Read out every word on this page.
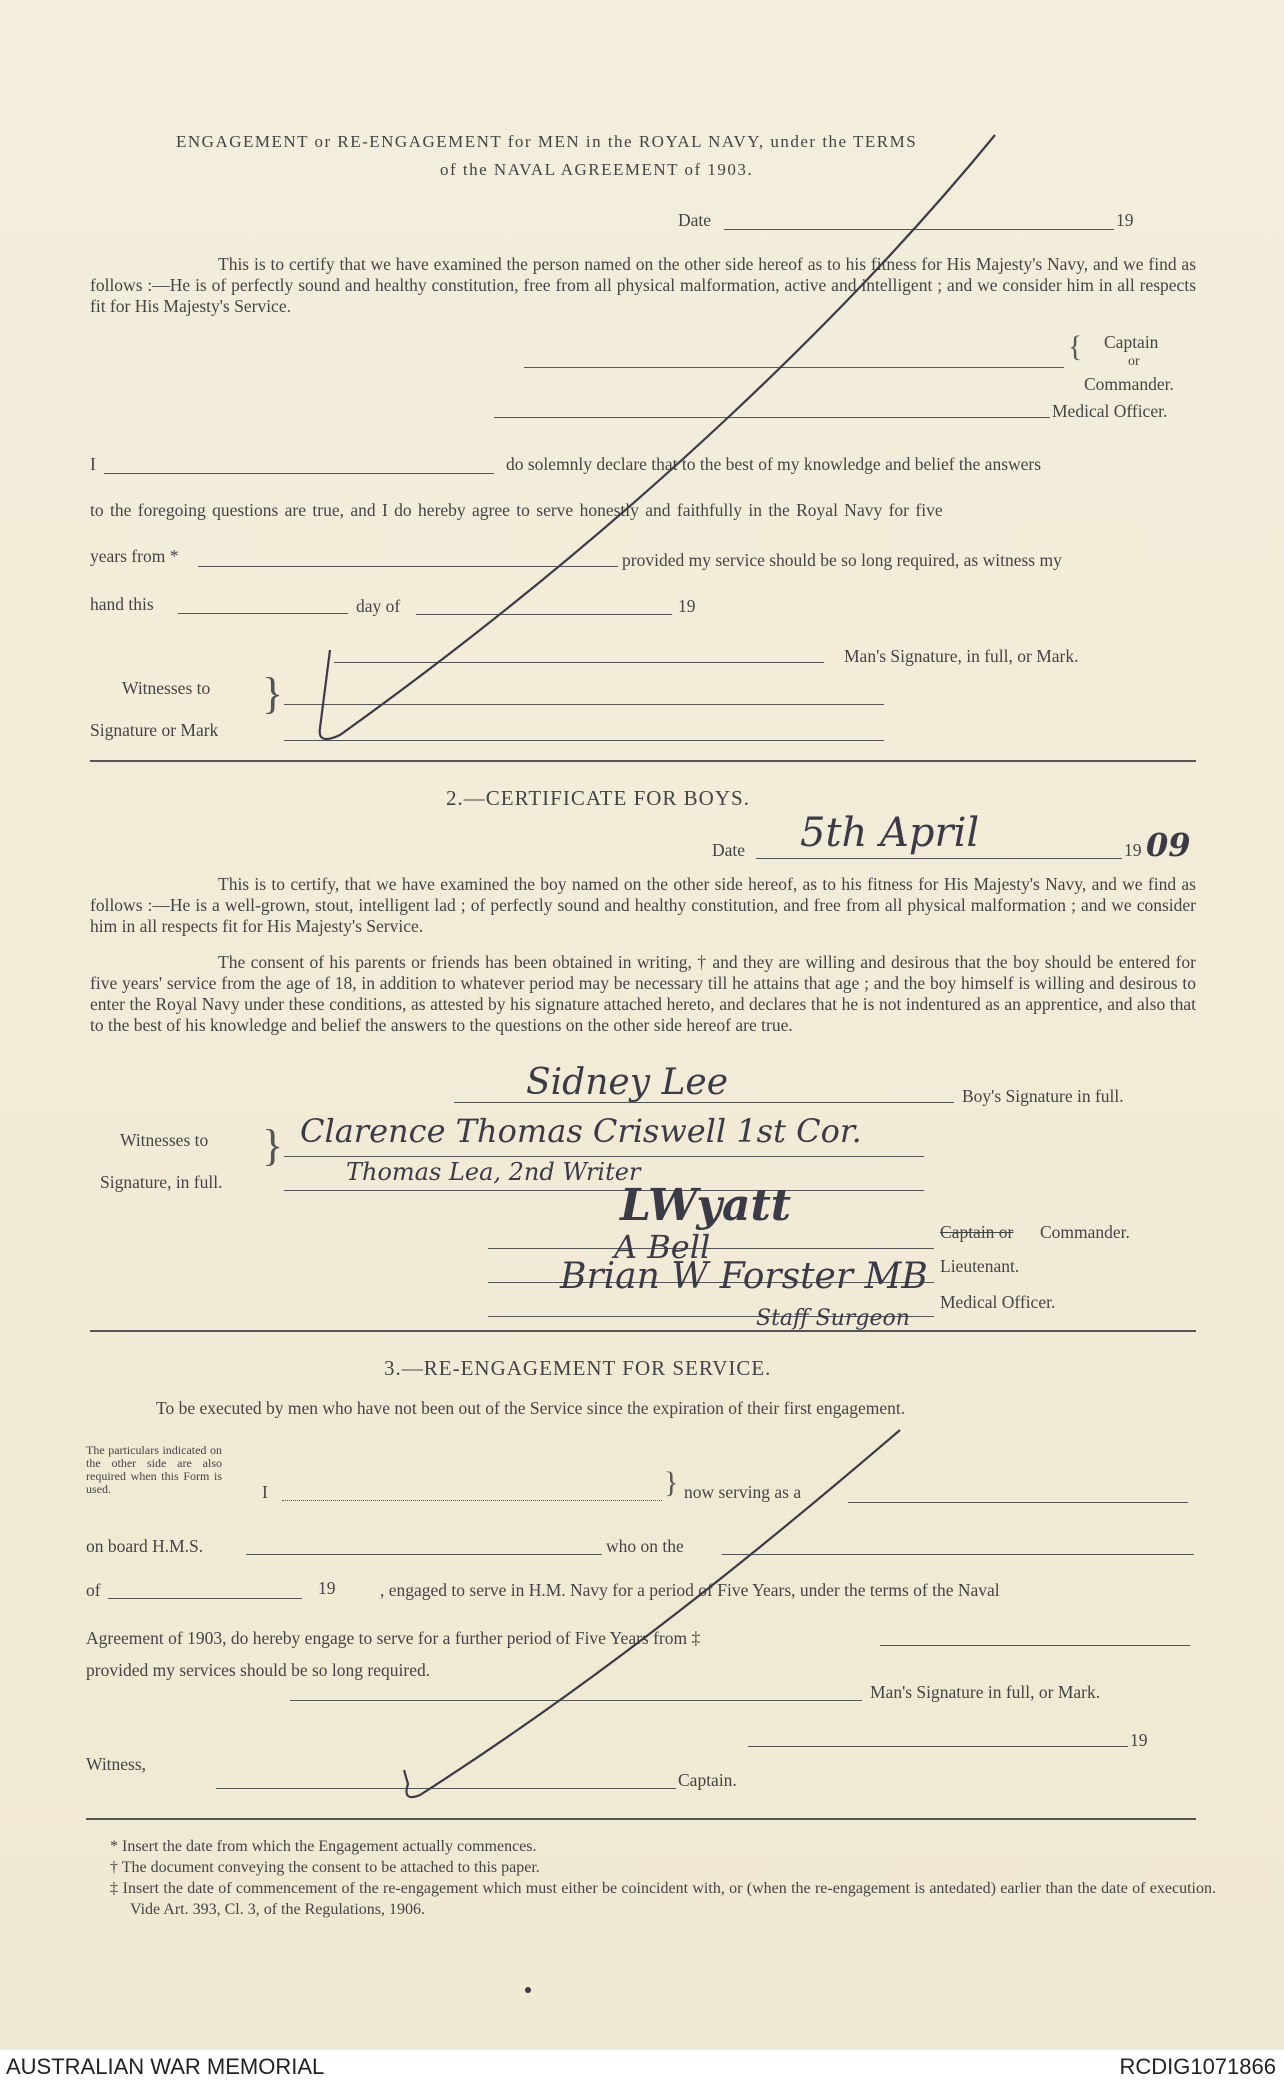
ENGAGEMENT or RE-ENGAGEMENT for MEN in the ROYAL NAVY, under the TERMS
of the NAVAL AGREEMENT of 1903.
Date	19
This is to certify that we have examined the person named on the other side hereof as to his fitness for His Majesty's Navy, and we find as follows :—He is of perfectly sound and healthy constitution, free from all physical malformation, active and intelligent ; and we consider him in all respects fit for His Majesty's Service.
{ Captain
or
Commander.
Medical Officer.
I	do solemnly declare that to the best of my knowledge and belief the answers
to the foregoing questions are true, and I do hereby agree to serve honestly and faithfully in the Royal Navy for five
years from *	provided my service should be so long required, as witness my
hand this	day of	19
Man's Signature, in full, or Mark.
Witnesses to }
Signature or Mark
2.—CERTIFICATE FOR BOYS.
Date 5th April	19 09
This is to certify, that we have examined the boy named on the other side hereof, as to his fitness for His Majesty's Navy, and we find as follows :—He is a well-grown, stout, intelligent lad ; of perfectly sound and healthy constitution, and free from all physical malformation ; and we consider him in all respects fit for His Majesty's Service.
The consent of his parents or friends has been obtained in writing, † and they are willing and desirous that the boy should be entered for five years' service from the age of 18, in addition to whatever period may be necessary till he attains that age ; and the boy himself is willing and desirous to enter the Royal Navy under these conditions, as attested by his signature attached hereto, and declares that he is not indentured as an apprentice, and also that to the best of his knowledge and belief the answers to the questions on the other side hereof are true.
Sidney Lee	Boy's Signature in full.
Witnesses to }
Signature, in full.
Clarence Thomas Criswell 1st Cor.
Thomas Lea, 2nd Writer
LWyatt
Captain or Commander.
A Bell	Lieutenant.
Brian W Forster MB
Medical Officer.
Staff Surgeon
3.—RE-ENGAGEMENT FOR SERVICE.
To be executed by men who have not been out of the Service since the expiration of their first engagement.
The particulars indicated on the other side are also required when this Form is used.	I	} now serving as a
on board H.M.S.	who on the
of	19	, engaged to serve in H.M. Navy for a period of Five Years, under the terms of the Naval
Agreement of 1903, do hereby engage to serve for a further period of Five Years from ‡
provided my services should be so long required.
Man's Signature in full, or Mark.
19
Witness,
Captain.
* Insert the date from which the Engagement actually commences.
† The document conveying the consent to be attached to this paper.
‡ Insert the date of commencement of the re-engagement which must either be coincident with, or (when the re-engagement is antedated) earlier than the date of execution. Vide Art. 393, Cl. 3, of the Regulations, 1906.
AUSTRALIAN WAR MEMORIAL	RCDIG1071866
